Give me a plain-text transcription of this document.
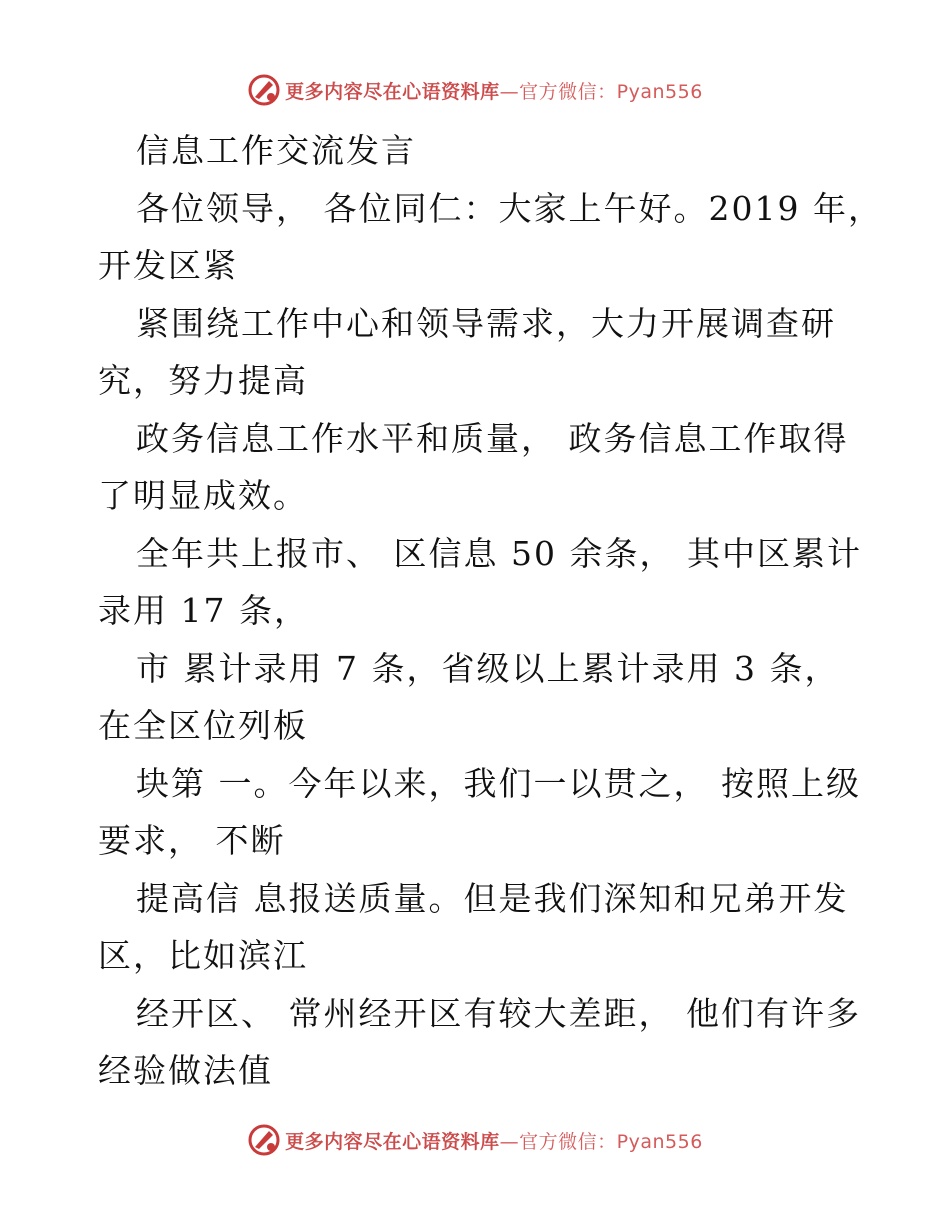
更多内容尽在心语资料库—官方微信：Pyan556
信息工作交流发言
各位领导， 各位同仁：大家上午好。2019 年，
开发区紧
紧围绕工作中心和领导需求，大力开展调查研
究，努力提高
政务信息工作水平和质量， 政务信息工作取得
了明显成效。
全年共上报市、 区信息 50 余条， 其中区累计
录用 17 条，
市 累计录用 7 条，省级以上累计录用 3 条，
在全区位列板
块第 一。今年以来，我们一以贯之， 按照上级
要求， 不断
提高信 息报送质量。但是我们深知和兄弟开发
区，比如滨江
经开区、 常州经开区有较大差距， 他们有许多
经验做法值
更多内容尽在心语资料库—官方微信：Pyan556
